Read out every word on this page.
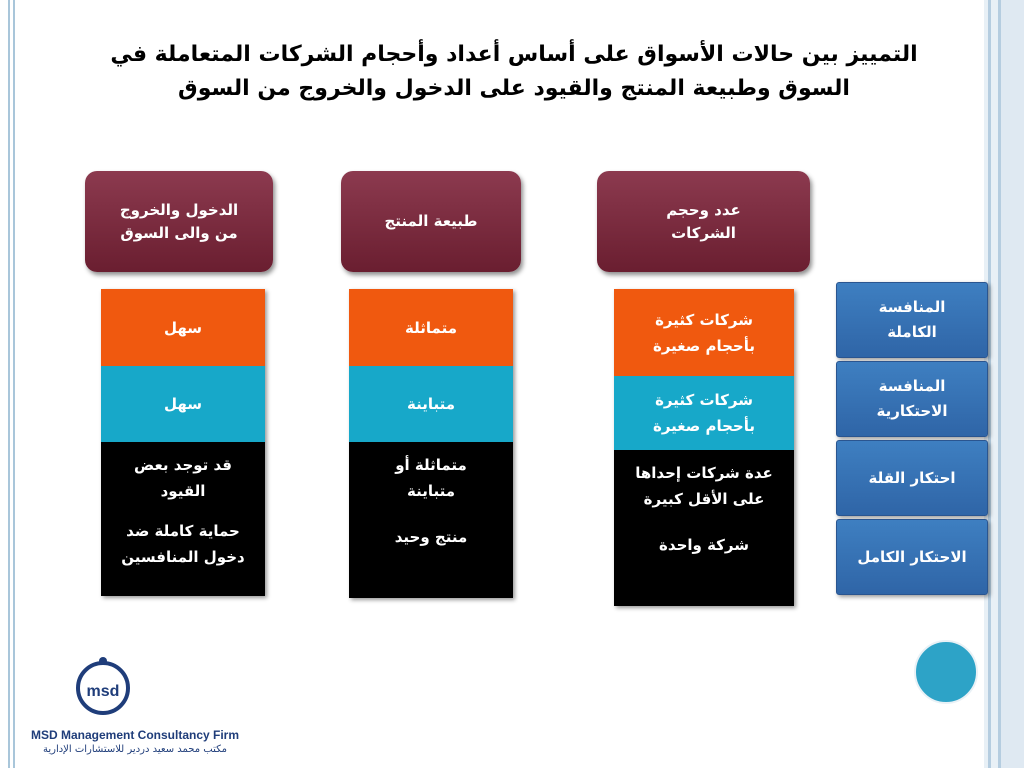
التمييز بين حالات الأسواق على أساس أعداد وأحجام الشركات المتعاملة في
السوق وطبيعة المنتج والقيود على الدخول والخروج من السوق
الدخول والخروج
من والى السوق
طبيعة المنتج
عدد وحجم
الشركات
سهل
سهل
قد توجد بعض
القيود
حماية كاملة ضد
دخول المنافسين
متماثلة
متباينة
متماثلة أو
متباينة
منتج وحيد
شركات كثيرة
بأحجام صغيرة
شركات كثيرة
بأحجام صغيرة
عدة شركات إحداها
على الأقل كبيرة
شركة واحدة
المنافسة
الكاملة
المنافسة
الاحتكارية
احتكار القلة
الاحتكار الكامل
msd
MSD Management Consultancy Firm
مكتب محمد سعيد دردير للاستشارات الإدارية
